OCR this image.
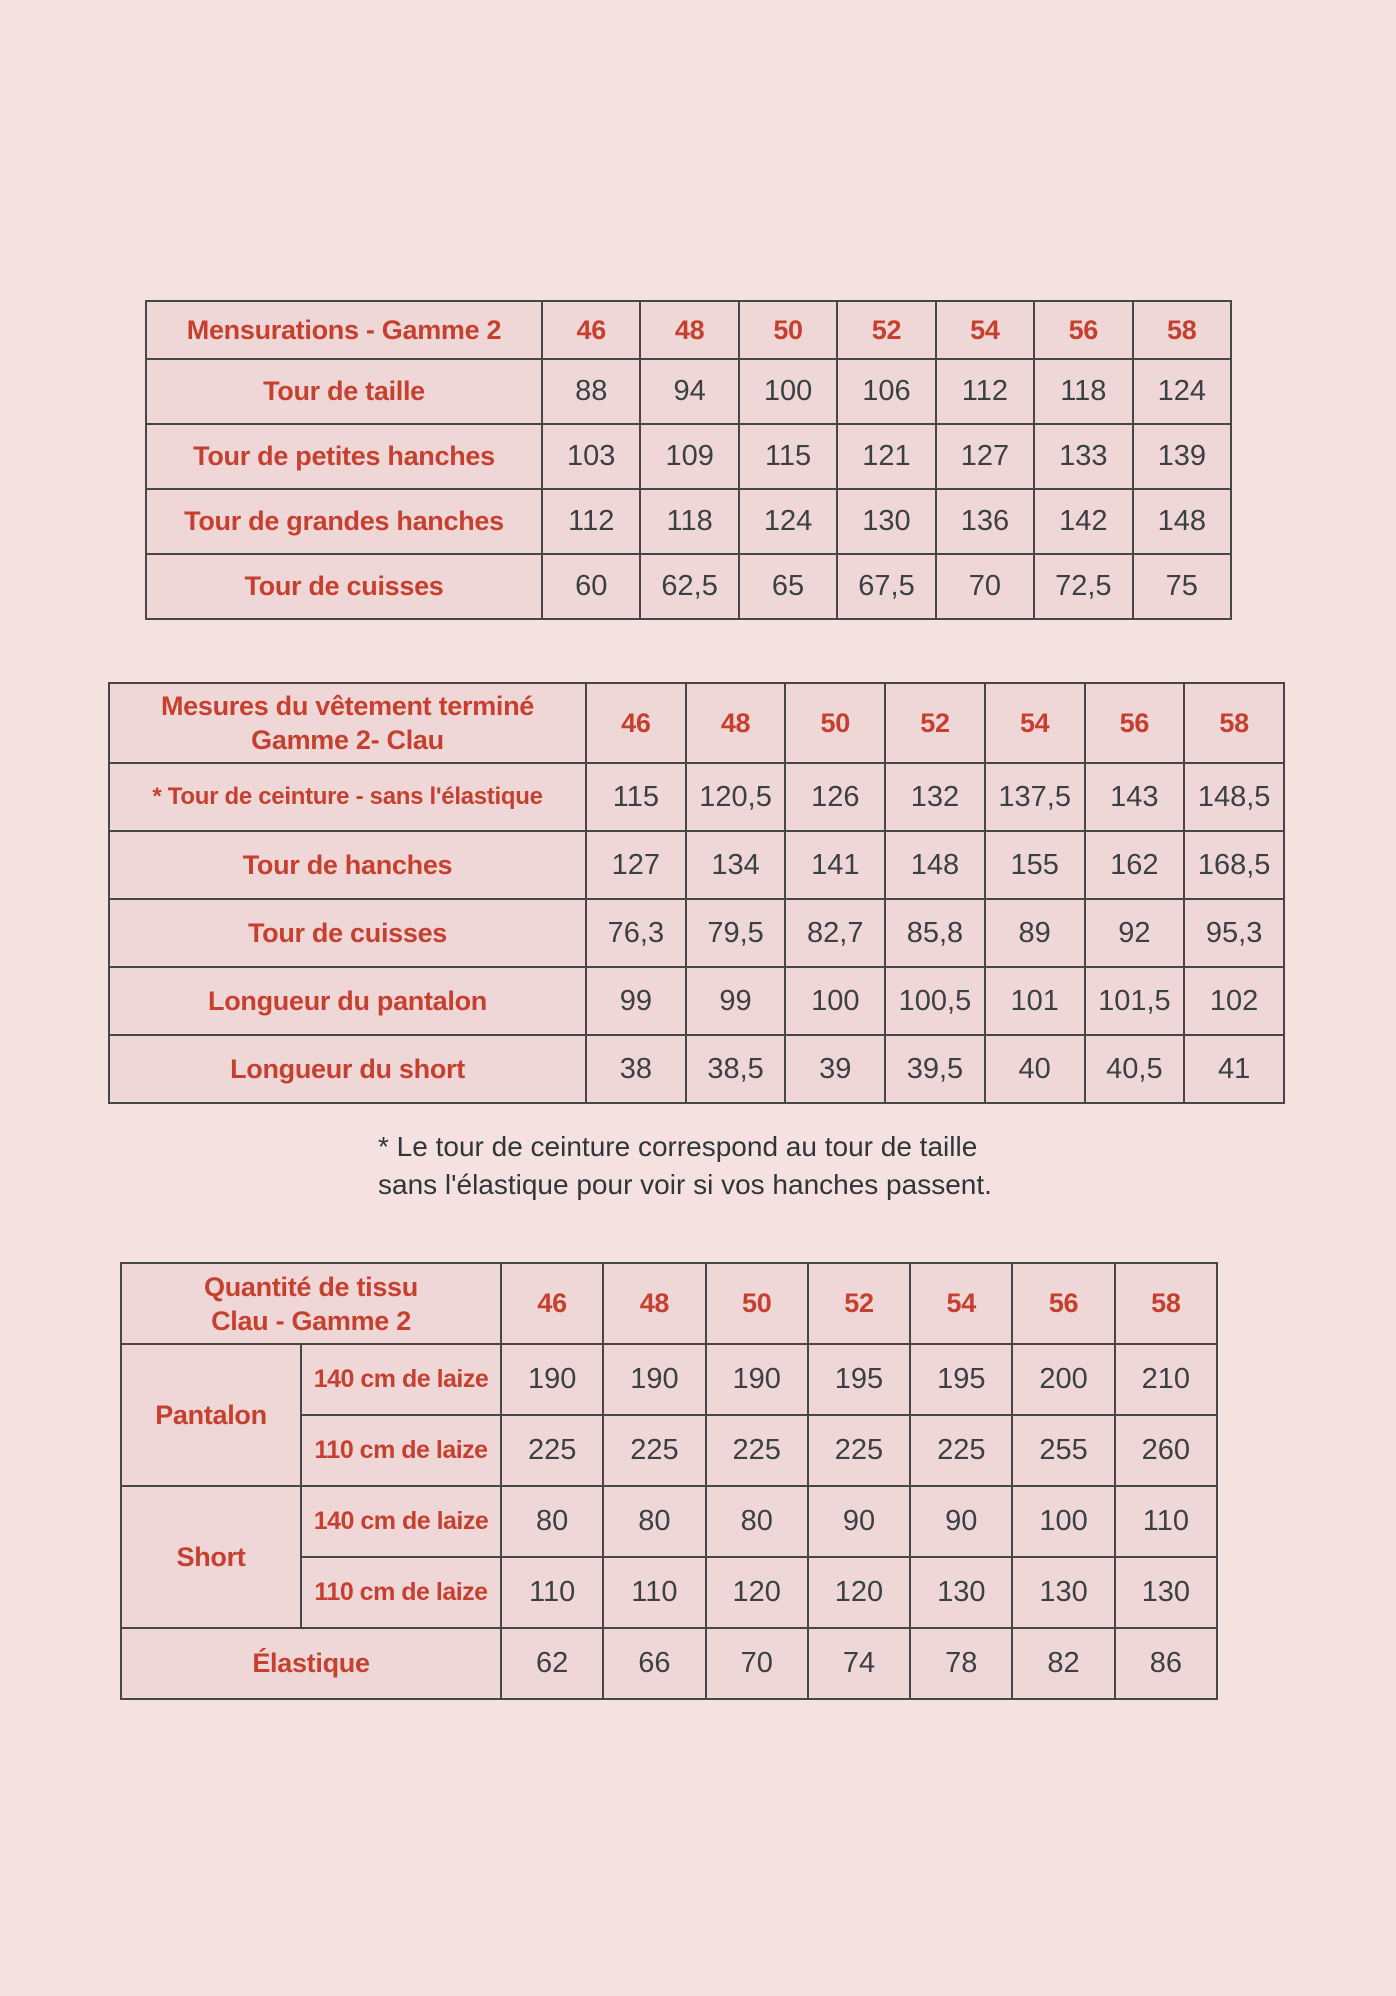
Mensurations - Gamme 2	46	48	50	52	54	56	58
Tour de taille	88	94	100	106	112	118	124
Tour de petites hanches	103	109	115	121	127	133	139
Tour de grandes hanches	112	118	124	130	136	142	148
Tour de cuisses	60	62,5	65	67,5	70	72,5	75
Mesures du vêtement terminé
Gamme 2- Clau	46	48	50	52	54	56	58
* Tour de ceinture - sans l'élastique	115	120,5	126	132	137,5	143	148,5
Tour de hanches	127	134	141	148	155	162	168,5
Tour de cuisses	76,3	79,5	82,7	85,8	89	92	95,3
Longueur du pantalon	99	99	100	100,5	101	101,5	102
Longueur du short	38	38,5	39	39,5	40	40,5	41
* Le tour de ceinture correspond au tour de taille
sans l'élastique pour voir si vos hanches passent.
Quantité de tissu
Clau - Gamme 2		46	48	50	52	54	56	58
Pantalon	140 cm de laize	190	190	190	195	195	200	210
	110 cm de laize	225	225	225	225	225	255	260
Short	140 cm de laize	80	80	80	90	90	100	110
	110 cm de laize	110	110	120	120	130	130	130
Élastique		62	66	70	74	78	82	86
